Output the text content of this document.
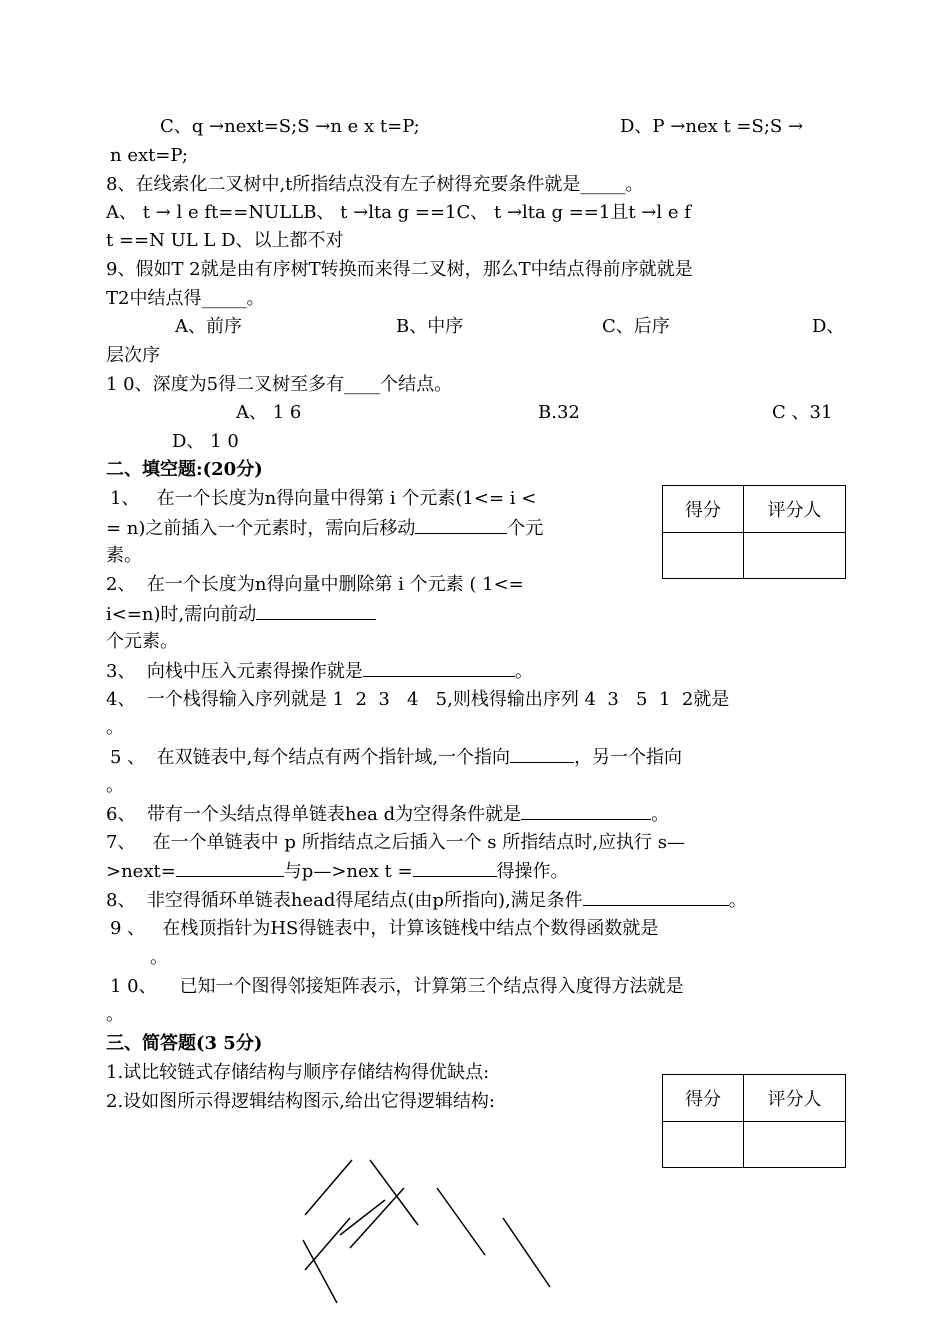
C、q →next=S;S →n e x t=P;	D、P →nex t =S;S →
n ext=P;
8、在线索化二叉树中,t所指结点没有左子树得充要条件就是_____。
A、 t → l e ft==NULLB、 t →lta g ==1C、 t →lta g ==1且t →l e f
t ==N UL L D、以上都不对
9、假如T 2就是由有序树T转换而来得二叉树，那么T中结点得前序就就是
T2中结点得_____。
A、前序	B、中序	C、后序	D、
层次序
1 0、深度为5得二叉树至多有____个结点。
A、 1 6	B.32	C 、31
D、 1 0
二、填空题:(20分)
得分	评分人

1、   在一个长度为n得向量中得第 i 个元素(1<= i <
= n)之前插入一个元素时，需向后移动	个元
素。
2、  在一个长度为n得向量中删除第 i 个元素 ( 1<=
i<=n)时,需向前动
个元素。
3、  向栈中压入元素得操作就是	。
4、  一个栈得输入序列就是 1  2  3   4   5,则栈得输出序列 4  3   5  1  2就是
。
5 、  在双链表中,每个结点有两个指针域,一个指向	，另一个指向
。
6、  带有一个头结点得单链表hea d为空得条件就是	。
7、   在一个单链表中 p 所指结点之后插入一个 s 所指结点时,应执行 s—
>next=	与p—>nex t =	得操作。
8、  非空得循环单链表head得尾结点(由p所指向),满足条件	。
9 、   在栈顶指针为HS得链表中，计算该链栈中结点个数得函数就是
。
1 0、    已知一个图得邻接矩阵表示，计算第三个结点得入度得方法就是
。
三、简答题(3 5分)
1.试比较链式存储结构与顺序存储结构得优缺点:
2.设如图所示得逻辑结构图示,给出它得逻辑结构:	得分	评分人
